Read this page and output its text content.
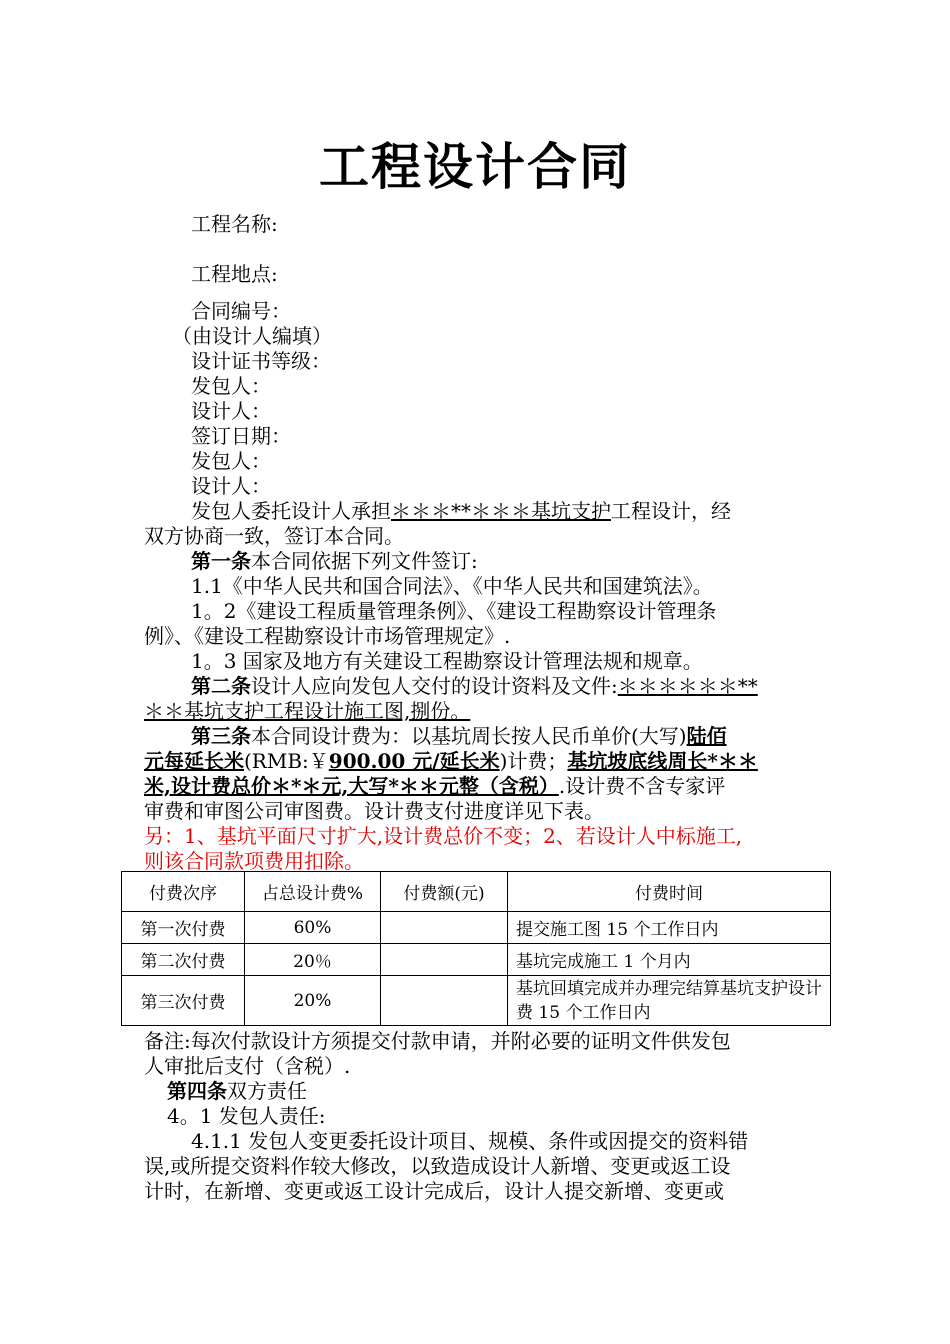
工程设计合同
工程名称:
工程地点:
合同编号：
（由设计人编填）
设计证书等级：
发包人：
设计人：
签订日期：
发包人：
设计人：
发包人委托设计人承担＊＊＊**＊＊＊基坑支护工程设计，经
双方协商一致，签订本合同。
第一条本合同依据下列文件签订:
1.1《中华人民共和国合同法》、《中华人民共和国建筑法》。
1。2《建设工程质量管理条例》、《建设工程勘察设计管理条
例》、《建设工程勘察设计市场管理规定》.
1。3 国家及地方有关建设工程勘察设计管理法规和规章。
第二条设计人应向发包人交付的设计资料及文件:＊＊＊＊＊＊**
＊＊基坑支护工程设计施工图,捌份。
第三条本合同设计费为：以基坑周长按人民币单价(大写)陆佰
元每延长米(RMB:￥900.00 元/延长米)计费；基坑坡底线周长*＊＊
米,设计费总价＊*＊元,大写*＊＊元整（含税）.设计费不含专家评
审费和审图公司审图费。设计费支付进度详见下表。
另：1、基坑平面尺寸扩大,设计费总价不变；2、若设计人中标施工,
则该合同款项费用扣除。
付费次序	占总设计费%	付费额(元)	付费时间
第一次付费	60%		提交施工图 15 个工作日内
第二次付费	20％		基坑完成施工 1 个月内
第三次付费	20%		基坑回填完成并办理完结算基坑支护设计费 15 个工作日内
备注:每次付款设计方须提交付款申请，并附必要的证明文件供发包
人审批后支付（含税）.
第四条双方责任
4。1 发包人责任:
4.1.1 发包人变更委托设计项目、规模、条件或因提交的资料错
误,或所提交资料作较大修改，以致造成设计人新增、变更或返工设
计时，在新增、变更或返工设计完成后，设计人提交新增、变更或
